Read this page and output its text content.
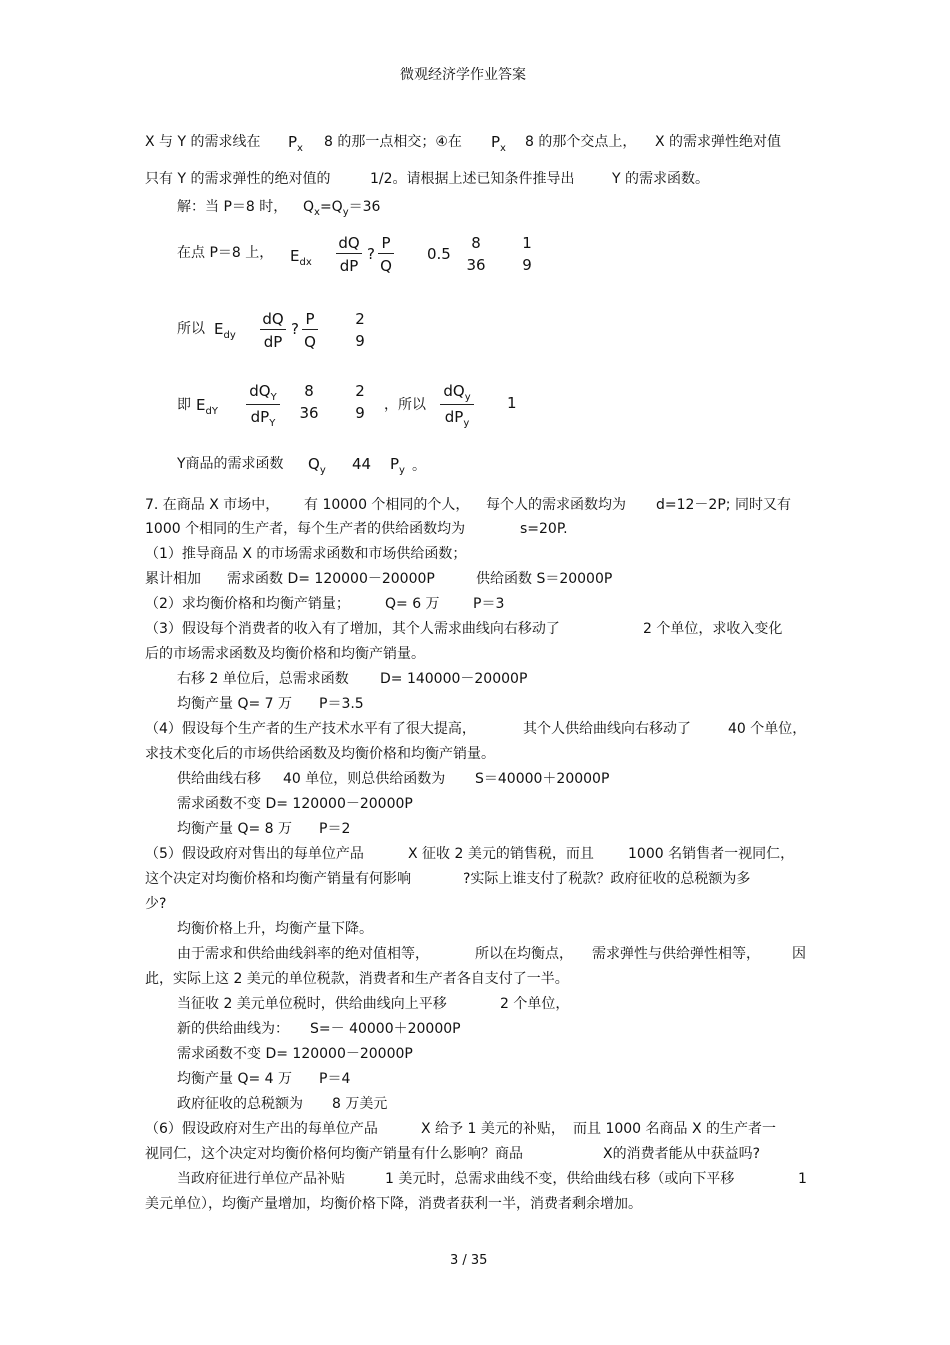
微观经济学作业答案
X 与 Y 的需求线在 $P_x$ 8 的那一点相交；④在 $P_x$ 8 的那个交点上， X 的需求弹性绝对值
只有 Y 的需求弹性的绝对值的	1/2。请根据上述已知条件推导出	Y 的需求函数。
解：当 P＝8 时， $Q_x=Q_y=36$
在点 P＝8 上， $E_{dx} \frac{dQ}{dP}$ ? $\frac{P}{Q} 0.5$
8
36
1
9
所以 $E_{dy} \frac{dQ}{dP}$ ? $\frac{P}{Q} 2$
9
即 $E_{dY}$
$dQ_Y$
$dP_Y$
8
36
2
9 ，所以
$dQ_y$
$dP_y$
1
Y商品的需求函数 $Q_y$ 44 $P_y$ 。
7. 在商品 X 市场中， 有 10000 个相同的个人， 每个人的需求函数均为 d=12－2P; 同时又有
1000 个相同的生产者，每个生产者的供给函数均为	s=20P.
（1）推导商品 X 的市场需求函数和市场供给函数；
累计相加 需求函数 D= 120000－20000P	供给函数 S＝20000P
（2）求均衡价格和均衡产销量；	Q= 6 万 P＝3
（3）假设每个消费者的收入有了增加，其个人需求曲线向右移动了	2 个单位，求收入变化
后的市场需求函数及均衡价格和均衡产销量。
右移 2 单位后，总需求函数 D= 140000－20000P
均衡产量 Q= 7 万 P＝3.5
（4）假设每个生产者的生产技术水平有了很大提高，	其个人供给曲线向右移动了	40 个单位，
求技术变化后的市场供给函数及均衡价格和均衡产销量。
供给曲线右移 40 单位，则总供给函数为 S＝40000＋20000P
需求函数不变 D= 120000－20000P
均衡产量 Q= 8 万 P＝2
（5）假设政府对售出的每单位产品	X 征收 2 美元的销售税，而且 1000 名销售者一视同仁，
这个决定对均衡价格和均衡产销量有何影响	?实际上谁支付了税款？政府征收的总税额为多
少?
均衡价格上升，均衡产量下降。
由于需求和供给曲线斜率的绝对值相等，	所以在均衡点， 需求弹性与供给弹性相等， 因
此，实际上这 2 美元的单位税款，消费者和生产者各自支付了一半。
当征收 2 美元单位税时，供给曲线向上平移	2 个单位，
新的供给曲线为： S=－ 40000＋20000P
需求函数不变 D= 120000－20000P
均衡产量 Q= 4 万 P＝4
政府征收的总税额为 8 万美元
（6）假设政府对生产出的每单位产品	X 给予 1 美元的补贴， 而且 1000 名商品 X 的生产者一
视同仁，这个决定对均衡价格何均衡产销量有什么影响？商品	X的消费者能从中获益吗?
当政府征进行单位产品补贴	1 美元时，总需求曲线不变，供给曲线右移（或向下平移	1
美元单位），均衡产量增加，均衡价格下降，消费者获利一半，消费者剩余增加。
3 / 35
